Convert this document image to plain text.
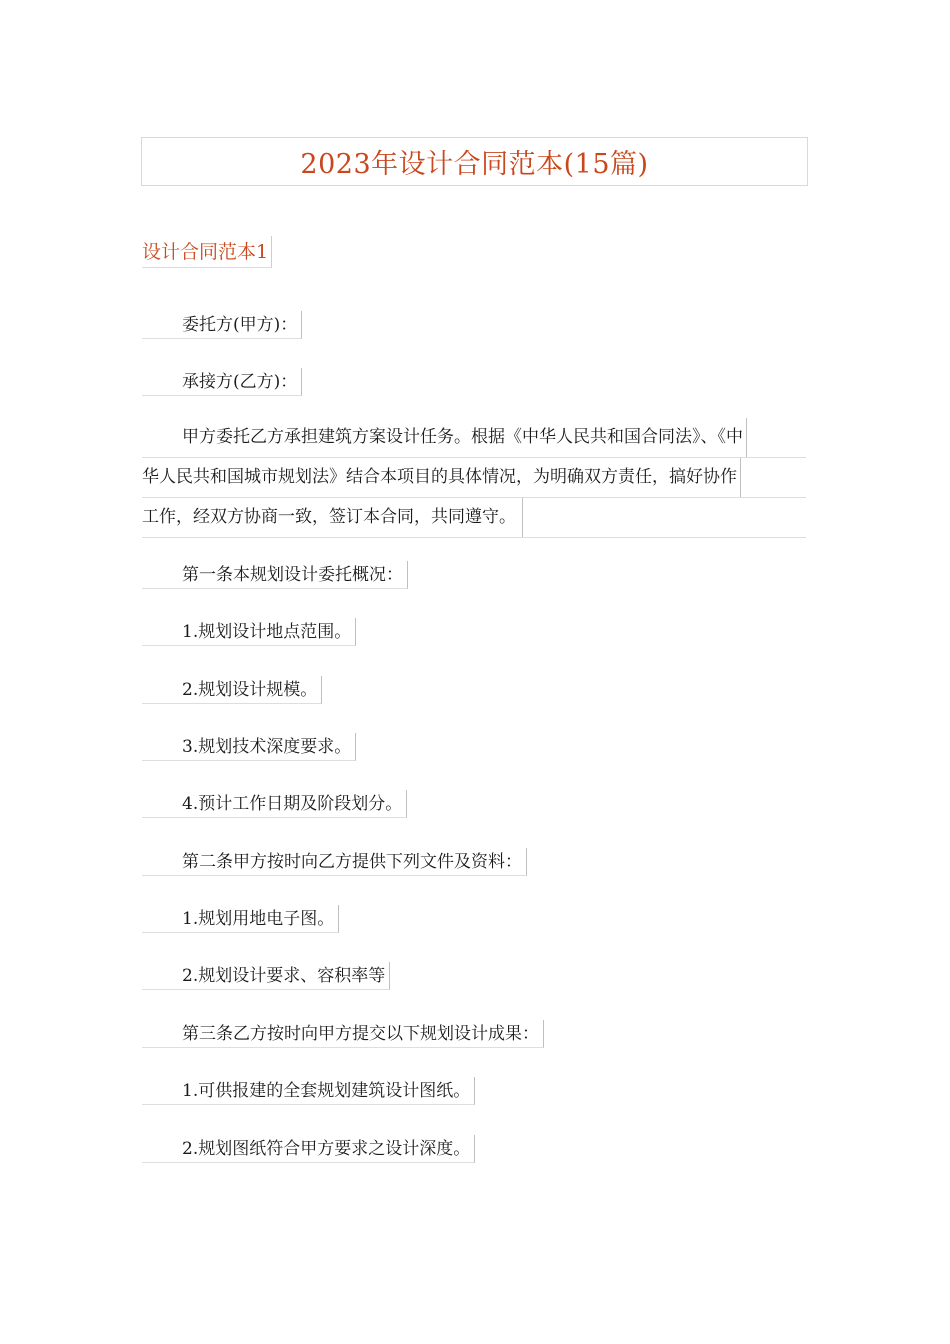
2023年设计合同范本(15篇)
设计合同范本1
委托方(甲方)：
承接方(乙方)：
甲方委托乙方承担建筑方案设计任务。根据《中华人民共和国合同法》、《中
华人民共和国城市规划法》结合本项目的具体情况，为明确双方责任，搞好协作
工作，经双方协商一致，签订本合同，共同遵守。
第一条本规划设计委托概况：
1.规划设计地点范围。
2.规划设计规模。
3.规划技术深度要求。
4.预计工作日期及阶段划分。
第二条甲方按时向乙方提供下列文件及资料：
1.规划用地电子图。
2.规划设计要求、容积率等
第三条乙方按时向甲方提交以下规划设计成果：
1.可供报建的全套规划建筑设计图纸。
2.规划图纸符合甲方要求之设计深度。
